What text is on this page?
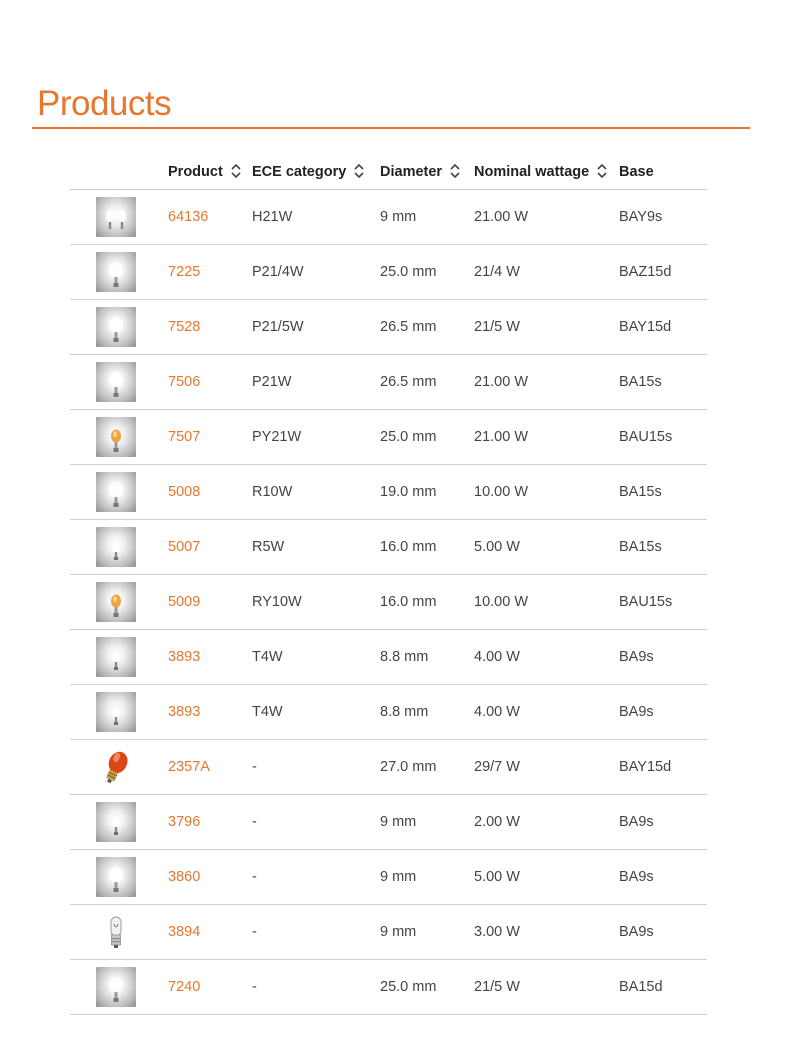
Products
	Product	ECE category	Diameter	Nominal wattage	Base

	64136	H21W	9 mm	21.00 W	BAY9s

	7225	P21/4W	25.0 mm	21/4 W	BAZ15d

	7528	P21/5W	26.5 mm	21/5 W	BAY15d

	7506	P21W	26.5 mm	21.00 W	BA15s

	7507	PY21W	25.0 mm	21.00 W	BAU15s

	5008	R10W	19.0 mm	10.00 W	BA15s

	5007	R5W	16.0 mm	5.00 W	BA15s

	5009	RY10W	16.0 mm	10.00 W	BAU15s

	3893	T4W	8.8 mm	4.00 W	BA9s

	3893	T4W	8.8 mm	4.00 W	BA9s

	2357A	-	27.0 mm	29/7 W	BAY15d

	3796	-	9 mm	2.00 W	BA9s

	3860	-	9 mm	5.00 W	BA9s

	3894	-	9 mm	3.00 W	BA9s

	7240	-	25.0 mm	21/5 W	BA15d
